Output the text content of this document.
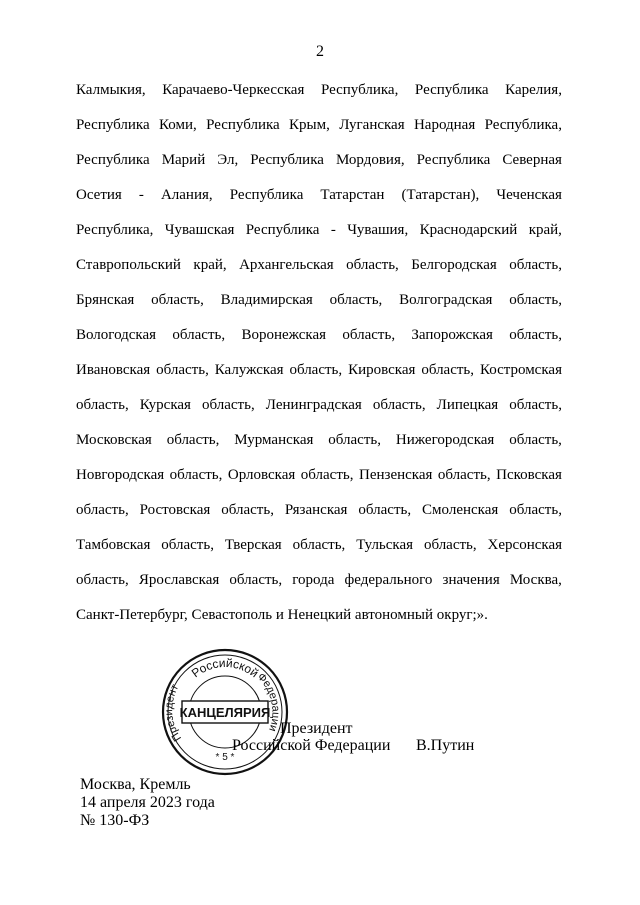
2
Калмыкия, Карачаево-Черкесская Республика, Республика Карелия,
Республика Коми, Республика Крым, Луганская Народная Республика,
Республика Марий Эл, Республика Мордовия, Республика Северная
Осетия - Алания, Республика Татарстан (Татарстан), Чеченская
Республика, Чувашская Республика - Чувашия, Краснодарский край,
Ставропольский край, Архангельская область, Белгородская область,
Брянская область, Владимирская область, Волгоградская область,
Вологодская область, Воронежская область, Запорожская область,
Ивановская область, Калужская область, Кировская область, Костромская
область, Курская область, Ленинградская область, Липецкая область,
Московская область, Мурманская область, Нижегородская область,
Новгородская область, Орловская область, Пензенская область, Псковская
область, Ростовская область, Рязанская область, Смоленская область,
Тамбовская область, Тверская область, Тульская область, Херсонская
область, Ярославская область, города федерального значения Москва,
Санкт-Петербург, Севастополь и Ненецкий автономный округ;».
Российской
Федерации
Президент
КАНЦЕЛЯРИЯ
* 5 *
Президент
Российской Федерации В.Путин
Москва, Кремль
14 апреля 2023 года
№ 130-ФЗ
